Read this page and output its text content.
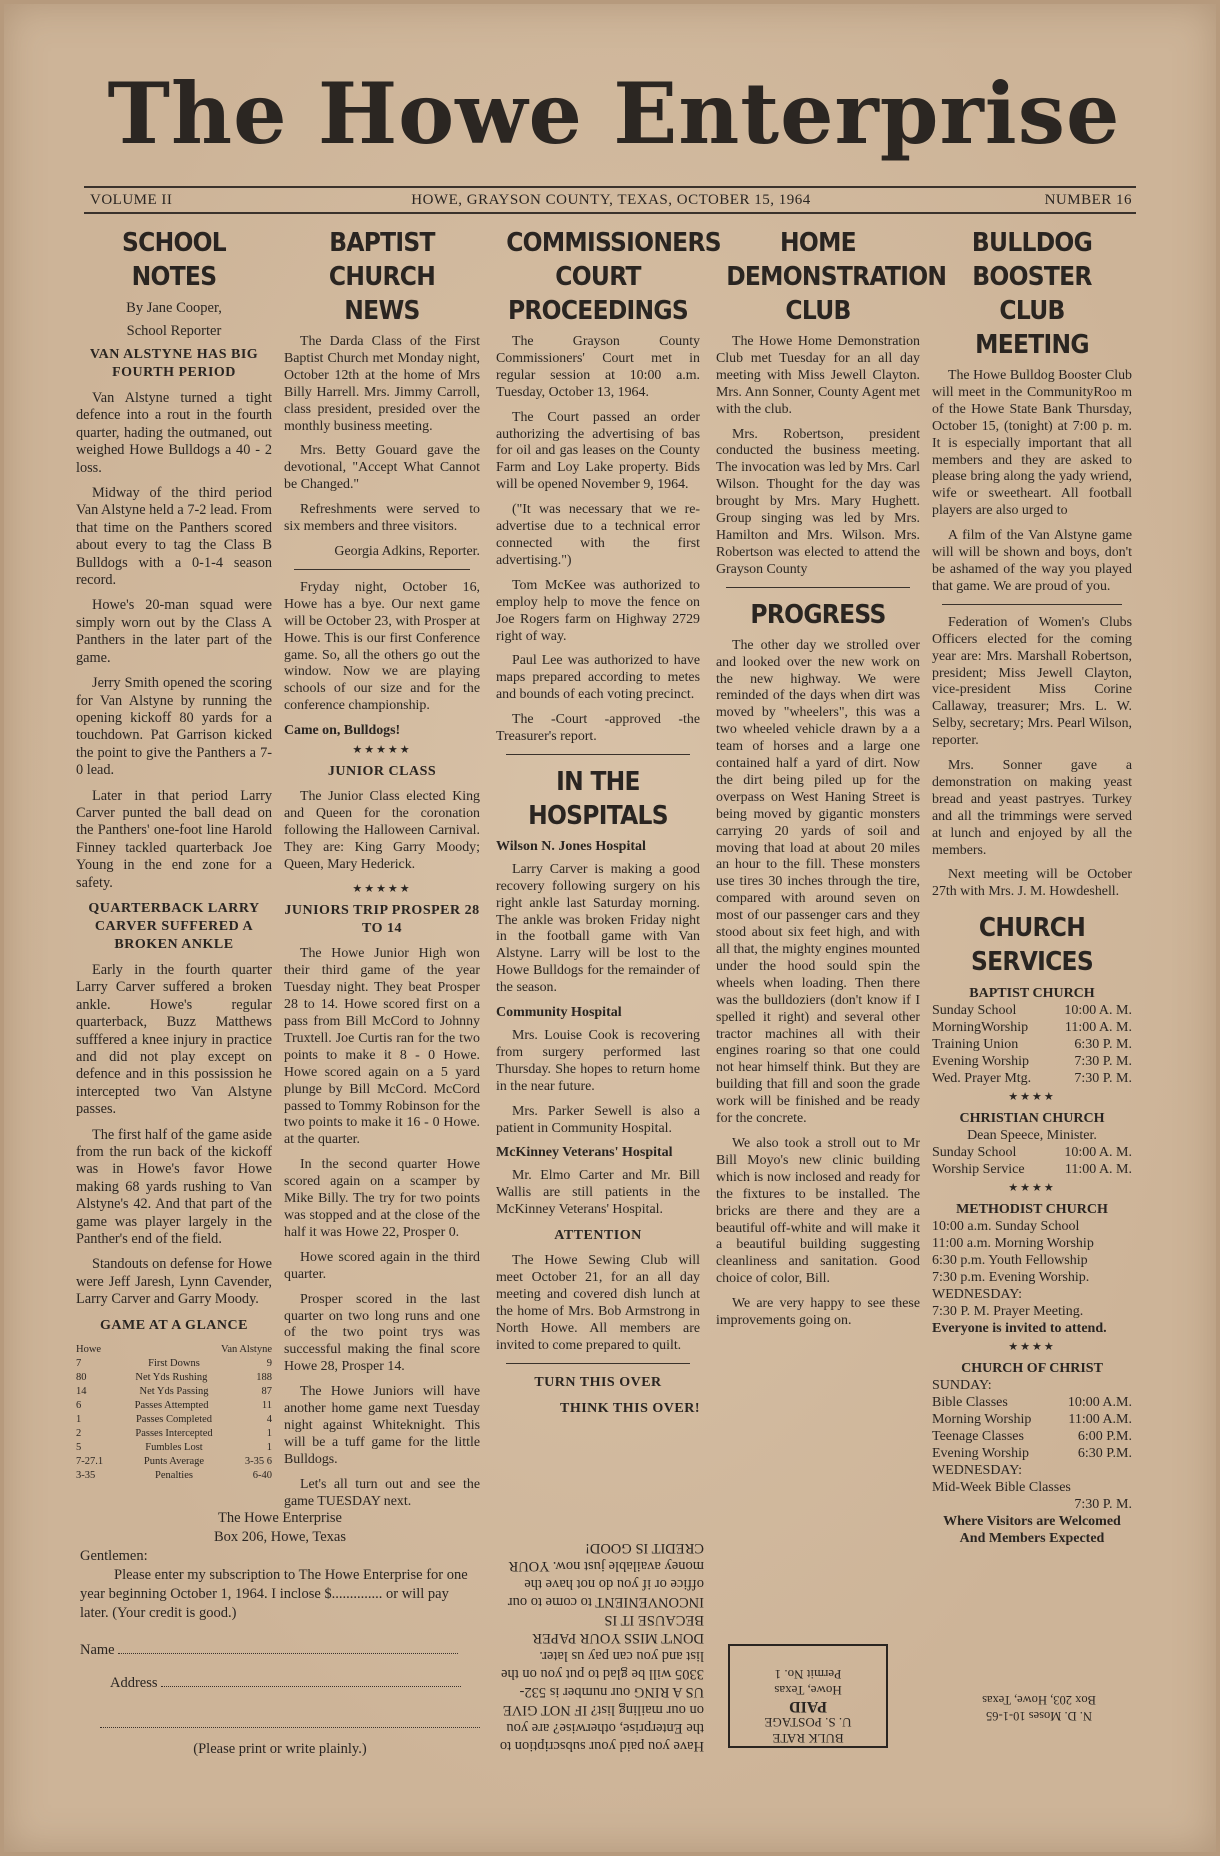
The Howe Enterprise
VOLUME II	HOWE, GRAYSON COUNTY, TEXAS, OCTOBER 15, 1964	NUMBER 16
SCHOOL NOTES
By Jane Cooper,
School Reporter
VAN ALSTYNE HAS BIG FOURTH PERIOD

Van Alstyne turned a tight defence into a rout in the fourth quarter, hading the outmaned, out weighed Howe Bulldogs a 40 - 2 loss.

Midway of the third period Van Alstyne held a 7-2 lead. From that time on the Panthers scored about every to tag the Class B Bulldogs with a 0-1-4 season record.

Howe's 20-man squad were simply worn out by the Class A Panthers in the later part of the game.

Jerry Smith opened the scoring for Van Alstyne by running the opening kickoff 80 yards for a touchdown. Pat Garrison kicked the point to give the Panthers a 7-0 lead.

Later in that period Larry Carver punted the ball dead on the Panthers' one-foot line Harold Finney tackled quarterback Joe Young in the end zone for a safety.

QUARTERBACK LARRY CARVER SUFFERED A BROKEN ANKLE

Early in the fourth quarter Larry Carver suffered a broken ankle. Howe's regular quarterback, Buzz Matthews sufffered a knee injury in practice and did not play except on defence and in this possission he intercepted two Van Alstyne passes.

The first half of the game aside from the run back of the kickoff was in Howe's favor Howe making 68 yards rushing to Van Alstyne's 42. And that part of the game was player largely in the Panther's end of the field.

Standouts on defense for Howe were Jeff Jaresh, Lynn Cavender, Larry Carver and Garry Moody.

GAME AT A GLANCE
Howe	Van Alstyne
7	First Downs	9
80	Net Yds Rushing	188
14	Net Yds Passing	87
6	Passes Attempted	11
1	Passes Completed	4
2	Passes Intercepted	1
5	Fumbles Lost	1
7-27.1	Punts Average	3-35 6
3-35	Penalties	6-40
BAPTIST CHURCH NEWS

The Darda Class of the First Baptist Church met Monday night, October 12th at the home of Mrs Billy Harrell. Mrs. Jimmy Carroll, class president, presided over the monthly business meeting.

Mrs. Betty Gouard gave the devotional, "Accept What Cannot be Changed."

Refreshments were served to six members and three visitors.

Georgia Adkins, Reporter.

Fryday night, October 16, Howe has a bye. Our next game will be October 23, with Prosper at Howe. This is our first Conference game. So, all the others go out the window. Now we are playing schools of our size and for the conference championship.

Came on, Bulldogs!
★★★★★
JUNIOR CLASS

The Junior Class elected King and Queen for the coronation following the Halloween Carnival. They are: King Garry Moody; Queen, Mary Hederick.

★★★★★
JUNIORS TRIP PROSPER 28 TO 14

The Howe Junior High won their third game of the year Tuesday night. They beat Prosper 28 to 14. Howe scored first on a pass from Bill McCord to Johnny Truxtell. Joe Curtis ran for the two points to make it 8 - 0 Howe. Howe scored again on a 5 yard plunge by Bill McCord. McCord passed to Tommy Robinson for the two points to make it 16 - 0 Howe. at the quarter.

In the second quarter Howe scored again on a scamper by Mike Billy. The try for two points was stopped and at the close of the half it was Howe 22, Prosper 0.

Howe scored again in the third quarter.

Prosper scored in the last quarter on two long runs and one of the two point trys was successful making the final score Howe 28, Prosper 14.

The Howe Juniors will have another home game next Tuesday night against Whiteknight. This will be a tuff game for the little Bulldogs.

Let's all turn out and see the game TUESDAY next.

COMMISSIONERS COURT PROCEEDINGS

The Grayson County Commissioners' Court met in regular session at 10:00 a.m. Tuesday, October 13, 1964.

The Court passed an order authorizing the advertising of bas for oil and gas leases on the County Farm and Loy Lake property. Bids will be opened November 9, 1964.

("It was necessary that we re-advertise due to a technical error connected with the first advertising.")

Tom McKee was authorized to employ help to move the fence on Joe Rogers farm on Highway 2729 right of way.

Paul Lee was authorized to have maps prepared according to metes and bounds of each voting precinct.

The -Court -approved -the Treasurer's report.

IN THE HOSPITALS
Wilson N. Jones Hospital

Larry Carver is making a good recovery following surgery on his right ankle last Saturday morning. The ankle was broken Friday night in the football game with Van Alstyne. Larry will be lost to the Howe Bulldogs for the remainder of the season.

Community Hospital

Mrs. Louise Cook is recovering from surgery performed last Thursday. She hopes to return home in the near future.

Mrs. Parker Sewell is also a patient in Community Hospital.

McKinney Veterans' Hospital

Mr. Elmo Carter and Mr. Bill Wallis are still patients in the McKinney Veterans' Hospital.

ATTENTION

The Howe Sewing Club will meet October 21, for an all day meeting and covered dish lunch at the home of Mrs. Bob Armstrong in North Howe. All members are invited to come prepared to quilt.

TURN THIS OVER
THINK THIS OVER!
HOME DEMONSTRATION CLUB

The Howe Home Demonstration Club met Tuesday for an all day meeting with Miss Jewell Clayton. Mrs. Ann Sonner, County Agent met with the club.

Mrs. Robertson, president conducted the business meeting. The invocation was led by Mrs. Carl Wilson. Thought for the day was brought by Mrs. Mary Hughett. Group singing was led by Mrs. Hamilton and Mrs. Wilson. Mrs. Robertson was elected to attend the Grayson County

PROGRESS

The other day we strolled over and looked over the new work on the new highway. We were reminded of the days when dirt was moved by "wheelers", this was a two wheeled vehicle drawn by a a team of horses and a large one contained half a yard of dirt. Now the dirt being piled up for the overpass on West Haning Street is being moved by gigantic monsters carrying 20 yards of soil and moving that load at about 20 miles an hour to the fill. These monsters use tires 30 inches through the tire, compared with around seven on most of our passenger cars and they stood about six feet high, and with all that, the mighty engines mounted under the hood sould spin the wheels when loading. Then there was the bulldoziers (don't know if I spelled it right) and several other tractor machines all with their engines roaring so that one could not hear himself think. But they are building that fill and soon the grade work will be finished and be ready for the concrete.

We also took a stroll out to Mr Bill Moyo's new clinic building which is now inclosed and ready for the fixtures to be installed. The bricks are there and they are a beautiful off-white and will make it a beautiful building suggesting cleanliness and sanitation. Good choice of color, Bill.

We are very happy to see these improvements going on.

BULLDOG BOOSTER CLUB MEETING

The Howe Bulldog Booster Club will meet in the CommunityRoo m of the Howe State Bank Thursday, October 15, (tonight) at 7:00 p. m. It is especially important that all members and they are asked to please bring along the yady wriend, wife or sweetheart. All football players are also urged to

A film of the Van Alstyne game will will be shown and boys, don't be ashamed of the way you played that game. We are proud of you.

Federation of Women's Clubs Officers elected for the coming year are: Mrs. Marshall Robertson, president; Miss Jewell Clayton, vice-president Miss Corine Callaway, treasurer; Mrs. L. W. Selby, secretary; Mrs. Pearl Wilson, reporter.

Mrs. Sonner gave a demonstration on making yeast bread and yeast pastryes. Turkey and all the trimmings were served at lunch and enjoyed by all the members.

Next meeting will be October 27th with Mrs. J. M. Howdeshell.

CHURCH SERVICES
BAPTIST CHURCH
Sunday School	10:00 A. M.
MorningWorship	11:00 A. M.
Training Union	6:30 P. M.
Evening Worship	7:30 P. M.
Wed. Prayer Mtg.	7:30 P. M.
★★★★
CHRISTIAN CHURCH
Dean Speece, Minister.
Sunday School	10:00 A. M.
Worship Service	11:00 A. M.
★★★★
METHODIST CHURCH
10:00 a.m. Sunday School
11:00 a.m. Morning Worship
6:30 p.m. Youth Fellowship
7:30 p.m. Evening Worship.
WEDNESDAY:
7:30 P. M. Prayer Meeting.
Everyone is invited to attend.
★★★★
CHURCH OF CHRIST
SUNDAY:
Bible Classes	10:00 A.M.
Morning Worship	11:00 A.M.
Teenage Classes	6:00 P.M.
Evening Worship	6:30 P.M.
WEDNESDAY:
Mid-Week Bible Classes
7:30 P. M.
Where Visitors are Welcomed
And Members Expected
The Howe Enterprise
Box 206, Howe, Texas
Gentlemen:
Please enter my subscription to The Howe Enterprise for one year beginning October 1, 1964. I inclose $.............. or will pay later. (Your credit is good.)
Name
Address
(Please print or write plainly.)	Have you paid your subscription to the Enterprise, otherwise? are you on our mailing list? IF NOT GIVE US A RING our number is 532-3305 will be glad to put you on the list and you can pay us later. DON'T MISS YOUR PAPER BECAUSE IT IS INCONVENIENT to come to our office or if you do not have the money available just now. YOUR CREDIT IS GOOD!
BULK RATE
U. S. POSTAGE
PAID
Howe, Texas
Permit No. 1
N. D. Moses 10-1-65
Box 203, Howe, Texas
